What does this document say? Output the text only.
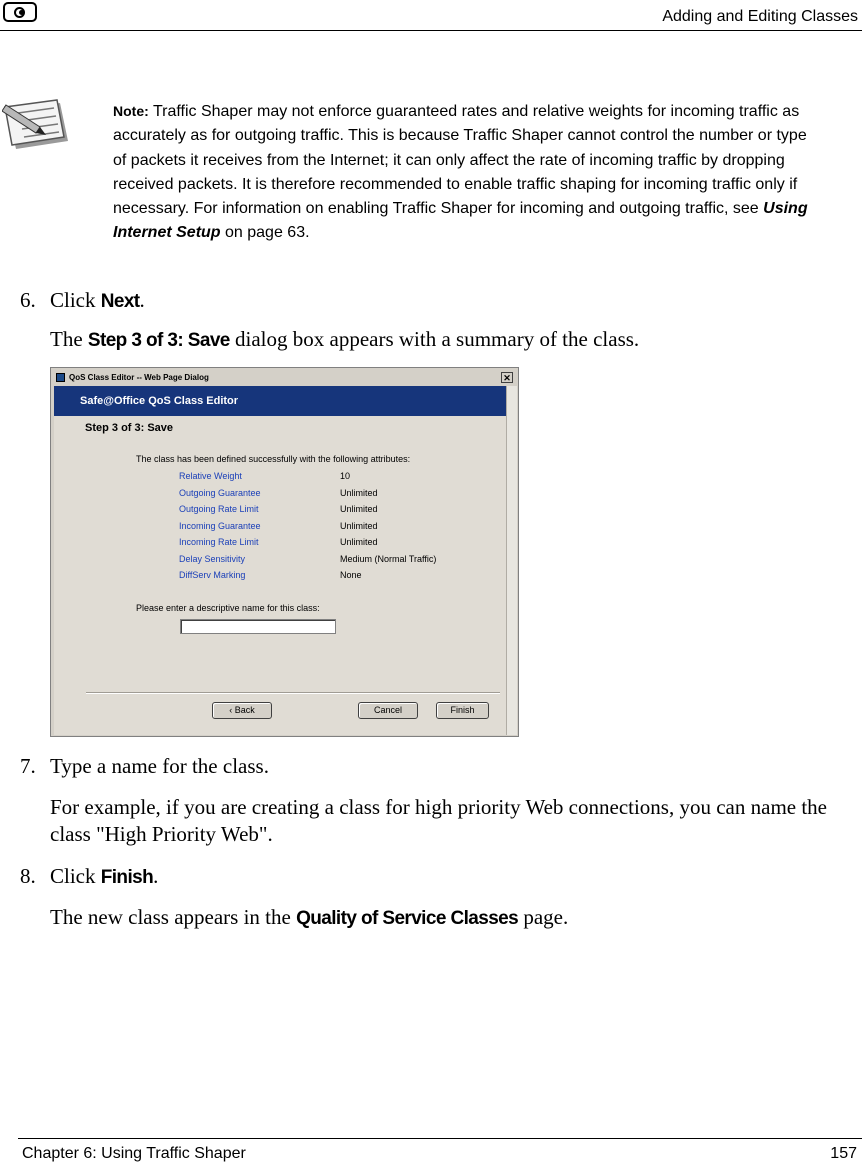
Adding and Editing Classes
Note: Traffic Shaper may not enforce guaranteed rates and relative weights for incoming traffic as accurately as for outgoing traffic. This is because Traffic Shaper cannot control the number or type of packets it receives from the Internet; it can only affect the rate of incoming traffic by dropping received packets. It is therefore recommended to enable traffic shaping for incoming traffic only if necessary. For information on enabling Traffic Shaper for incoming and outgoing traffic, see Using Internet Setup on page 63.
6. Click Next.
The Step 3 of 3: Save dialog box appears with a summary of the class.
QoS Class Editor -- Web Page Dialog	✕
Safe@Office QoS Class Editor
Step 3 of 3: Save
The class has been defined successfully with the following attributes:
Relative Weight	10
Outgoing Guarantee	Unlimited
Outgoing Rate Limit	Unlimited
Incoming Guarantee	Unlimited
Incoming Rate Limit	Unlimited
Delay Sensitivity	Medium (Normal Traffic)
DiffServ Marking	None
Please enter a descriptive name for this class:
‹ Back	Cancel	Finish
7. Type a name for the class.
For example, if you are creating a class for high priority Web connections, you can name the class "High Priority Web".
8. Click Finish.
The new class appears in the Quality of Service Classes page.
Chapter 6: Using Traffic Shaper	157
